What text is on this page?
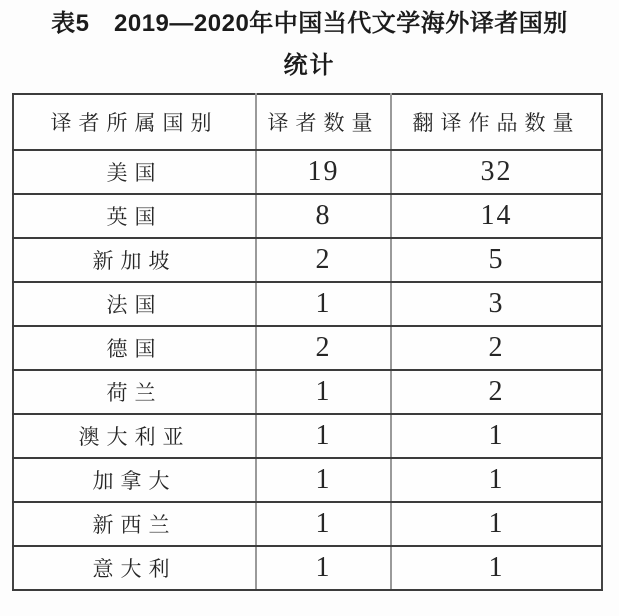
表5　2019—2020年中国当代文学海外译者国别
统计
译者所属国别	译者数量	翻译作品数量
美国	19	32
英国	8	14
新加坡	2	5
法国	1	3
德国	2	2
荷兰	1	2
澳大利亚	1	1
加拿大	1	1
新西兰	1	1
意大利	1	1
